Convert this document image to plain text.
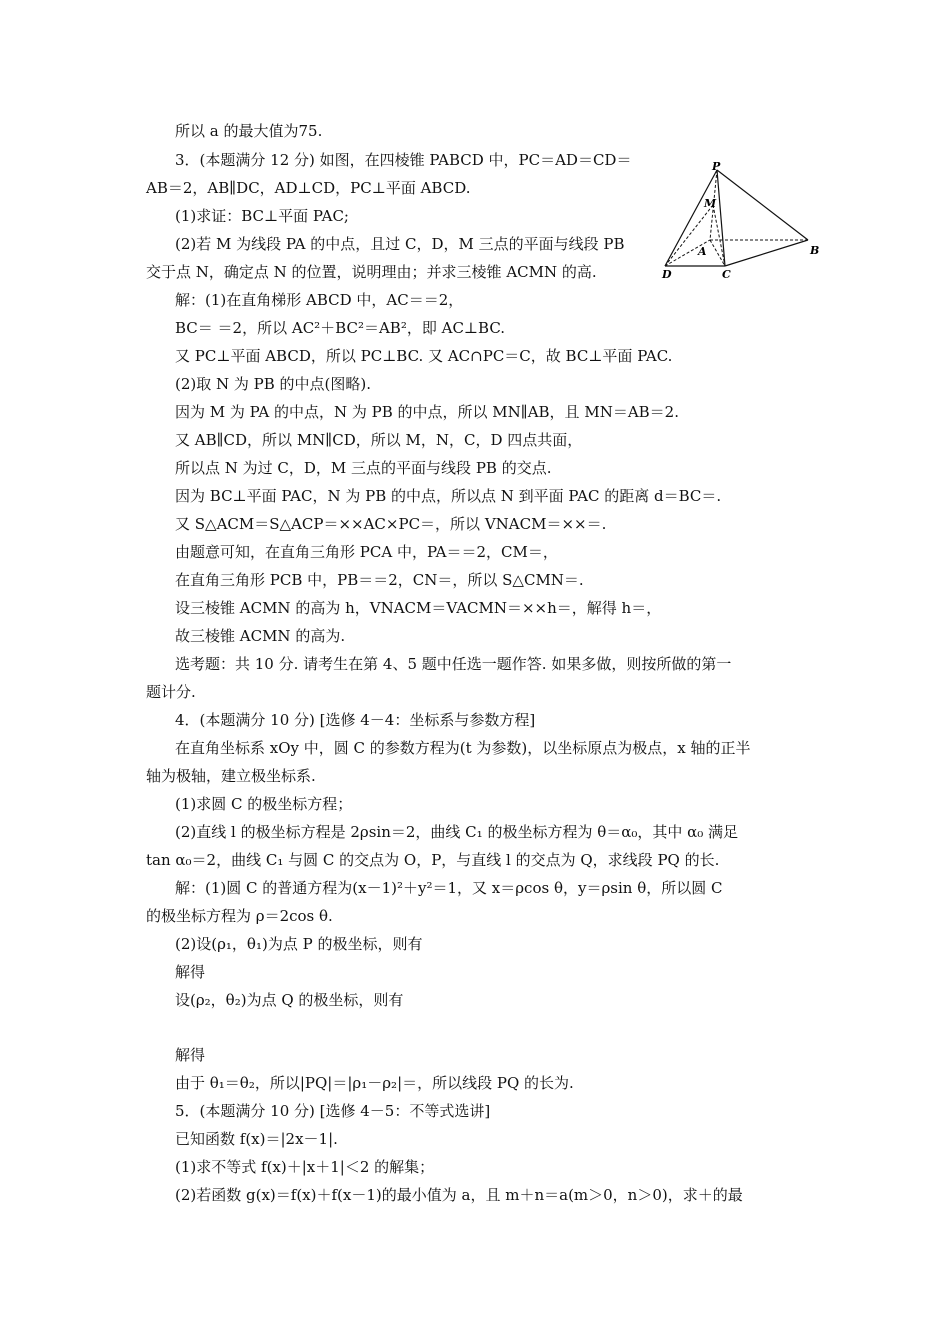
所以 a 的最大值为75.
3．(本题满分 12 分) 如图，在四棱锥 PABCD 中，PC＝AD＝CD＝
AB＝2，AB∥DC，AD⊥CD，PC⊥平面 ABCD.
(1)求证：BC⊥平面 PAC;
(2)若 M 为线段 PA 的中点，且过 C，D，M 三点的平面与线段 PB
交于点 N，确定点 N 的位置，说明理由；并求三棱锥 ACMN 的高.
解：(1)在直角梯形 ABCD 中，AC＝＝2，
BC＝ ＝2，所以 AC²＋BC²＝AB²，即 AC⊥BC.
又 PC⊥平面 ABCD，所以 PC⊥BC. 又 AC∩PC＝C，故 BC⊥平面 PAC.
(2)取 N 为 PB 的中点(图略).
因为 M 为 PA 的中点，N 为 PB 的中点，所以 MN∥AB，且 MN＝AB＝2.
又 AB∥CD，所以 MN∥CD，所以 M，N，C，D 四点共面，
所以点 N 为过 C，D，M 三点的平面与线段 PB 的交点.
因为 BC⊥平面 PAC，N 为 PB 的中点，所以点 N 到平面 PAC 的距离 d＝BC＝.
又 S△ACM＝S△ACP＝××AC×PC＝，所以 VNACM＝××＝.
由题意可知，在直角三角形 PCA 中，PA＝＝2，CM＝，
在直角三角形 PCB 中，PB＝＝2，CN＝，所以 S△CMN＝.
设三棱锥 ACMN 的高为 h，VNACM＝VACMN＝××h＝，解得 h＝，
故三棱锥 ACMN 的高为.
选考题：共 10 分. 请考生在第 4、5 题中任选一题作答. 如果多做，则按所做的第一
题计分.
4．(本题满分 10 分) [选修 4－4：坐标系与参数方程]
在直角坐标系 xOy 中，圆 C 的参数方程为(t 为参数)，以坐标原点为极点，x 轴的正半
轴为极轴，建立极坐标系.
(1)求圆 C 的极坐标方程；
(2)直线 l 的极坐标方程是 2ρsin＝2，曲线 C₁ 的极坐标方程为 θ＝α₀，其中 α₀ 满足
tan α₀＝2，曲线 C₁ 与圆 C 的交点为 O，P，与直线 l 的交点为 Q，求线段 PQ 的长.
解：(1)圆 C 的普通方程为(x－1)²＋y²＝1，又 x＝ρcos θ，y＝ρsin θ，所以圆 C
的极坐标方程为 ρ＝2cos θ.
(2)设(ρ₁，θ₁)为点 P 的极坐标，则有
解得
设(ρ₂，θ₂)为点 Q 的极坐标，则有
解得
由于 θ₁＝θ₂，所以|PQ|＝|ρ₁－ρ₂|＝，所以线段 PQ 的长为.
5．(本题满分 10 分) [选修 4－5：不等式选讲]
已知函数 f(x)＝|2x－1|.
(1)求不等式 f(x)＋|x＋1|＜2 的解集；
(2)若函数 g(x)＝f(x)＋f(x－1)的最小值为 a，且 m＋n＝a(m＞0，n＞0)，求＋的最
P
M
A	B
C
D
